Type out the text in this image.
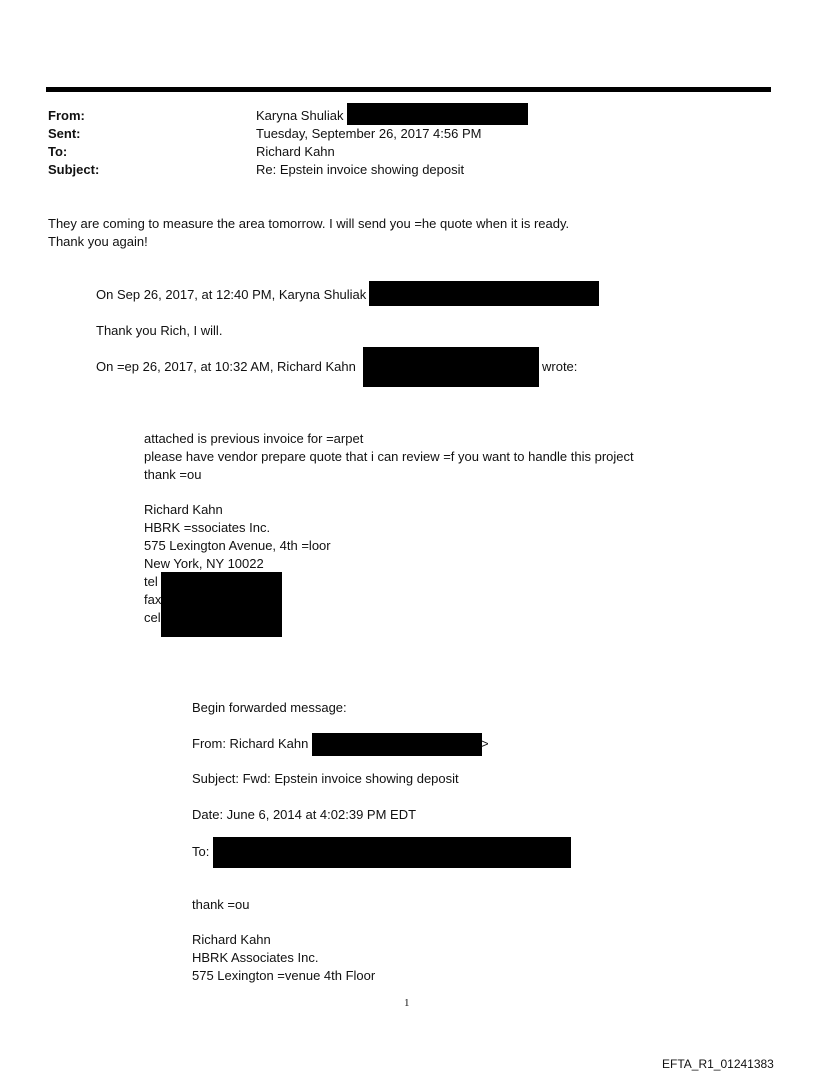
From:	Karyna Shuliak
Sent:	Tuesday, September 26, 2017 4:56 PM
To:	Richard Kahn
Subject:	Re: Epstein invoice showing deposit
They are coming to measure the area tomorrow. I will send you =he quote when it is ready.
Thank you again!
On Sep 26, 2017, at 12:40 PM, Karyna Shuliak
Thank you Rich, I will.
On =ep 26, 2017, at 10:32 AM, Richard Kahn	wrote:
attached is previous invoice for =arpet
please have vendor prepare quote that i can review =f you want to handle this project
thank =ou
Richard Kahn
HBRK =ssociates Inc.
575 Lexington Avenue, 4th =loor
New York, NY 10022
tel
fax
cel
Begin forwarded message:
From: Richard Kahn	>
Subject: Fwd: Epstein invoice showing deposit
Date: June 6, 2014 at 4:02:39 PM EDT
To:
thank =ou
Richard Kahn
HBRK Associates Inc.
575 Lexington =venue 4th Floor
1
EFTA_R1_01241383
